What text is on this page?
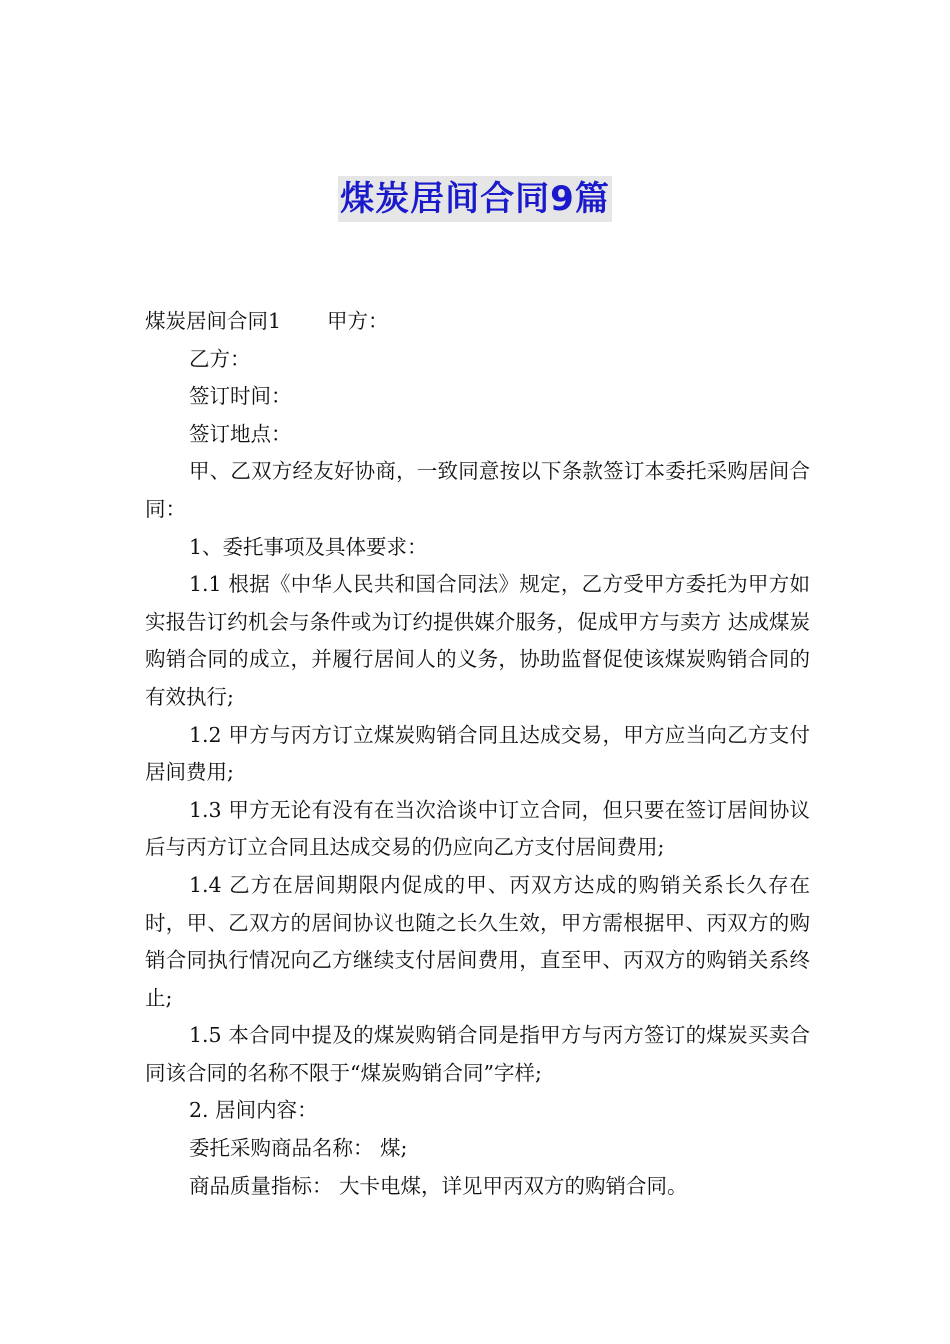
煤炭居间合同9篇

煤炭居间合同1 甲方：

乙方：

签订时间：

签订地点：

甲、乙双方经友好协商，一致同意按以下条款签订本委托采购居间合同：

1、委托事项及具体要求：

1.1 根据《中华人民共和国合同法》规定，乙方受甲方委托为甲方如实报告订约机会与条件或为订约提供媒介服务，促成甲方与卖方 达成煤炭购销合同的成立，并履行居间人的义务，协助监督促使该煤炭购销合同的有效执行;

1.2 甲方与丙方订立煤炭购销合同且达成交易，甲方应当向乙方支付居间费用;

1.3 甲方无论有没有在当次洽谈中订立合同，但只要在签订居间协议后与丙方订立合同且达成交易的仍应向乙方支付居间费用;

1.4 乙方在居间期限内促成的甲、丙双方达成的购销关系长久存在时，甲、乙双方的居间协议也随之长久生效，甲方需根据甲、丙双方的购销合同执行情况向乙方继续支付居间费用，直至甲、丙双方的购销关系终止;

1.5 本合同中提及的煤炭购销合同是指甲方与丙方签订的煤炭买卖合同该合同的名称不限于“煤炭购销合同”字样;

2. 居间内容：

委托采购商品名称： 煤;

商品质量指标： 大卡电煤，详见甲丙双方的购销合同。
